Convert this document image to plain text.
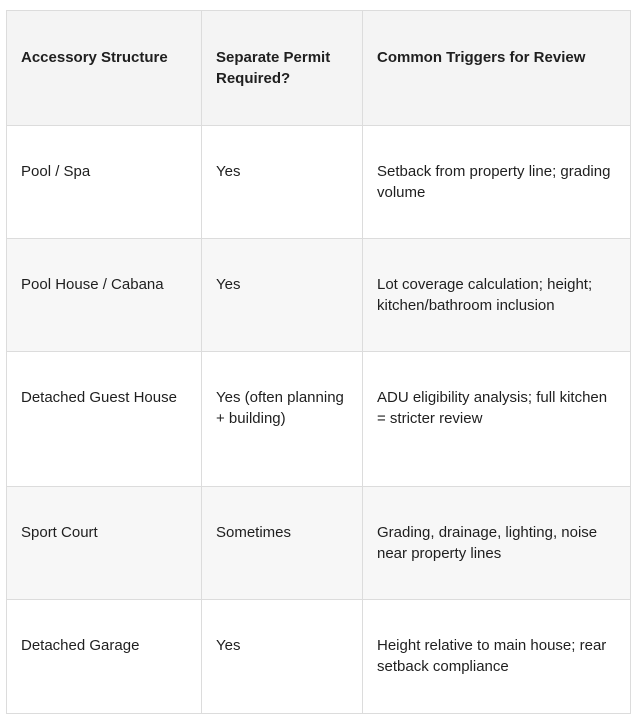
Accessory Structure	Separate Permit Required?	Common Triggers for Review
Pool / Spa	Yes	Setback from property line; grading volume
Pool House / Cabana	Yes	Lot coverage calculation; height; kitchen/bathroom inclusion
Detached Guest House	Yes (often planning + building)	ADU eligibility analysis; full kitchen = stricter review
Sport Court	Sometimes	Grading, drainage, lighting, noise near property lines
Detached Garage	Yes	Height relative to main house; rear setback compliance
